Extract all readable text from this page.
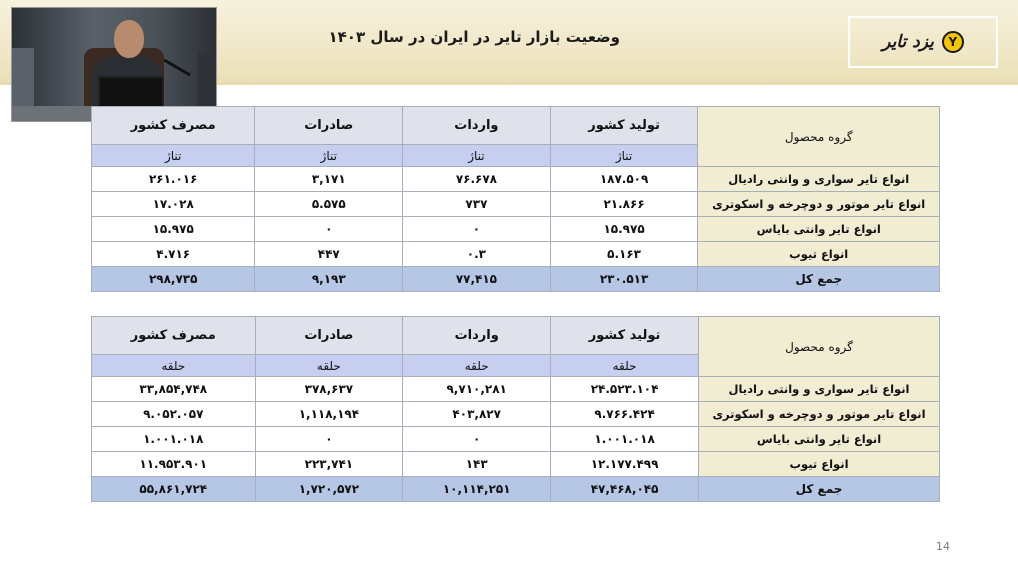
وضعیت بازار تایر در ایران در سال ۱۴۰۳	یزد تایر	Y
گروه محصول	تولید کشور	واردات	صادرات	مصرف کشور
	تناژ	تناژ	تناژ	تناژ
انواع تایر سواری و وانتی رادیال	۱۸۷.۵۰۹	۷۶.۶۷۸	۳,۱۷۱	۲۶۱.۰۱۶
انواع تایر موتور و دوچرخه و اسکوتری	۲۱.۸۶۶	۷۳۷	۵.۵۷۵	۱۷.۰۲۸
انواع تایر وانتی بایاس	۱۵.۹۷۵	۰	۰	۱۵.۹۷۵
انواع تیوب	۵.۱۶۳	۰.۳	۴۴۷	۴.۷۱۶
جمع کل	۲۳۰.۵۱۳	۷۷,۴۱۵	۹,۱۹۳	۲۹۸,۷۳۵
گروه محصول	تولید کشور	واردات	صادرات	مصرف کشور
	حلقه	حلقه	حلقه	حلقه
انواع تایر سواری و وانتی رادیال	۲۴.۵۲۳.۱۰۴	۹,۷۱۰,۲۸۱	۳۷۸,۶۳۷	۳۳,۸۵۴,۷۴۸
انواع تایر موتور و دوچرخه و اسکوتری	۹.۷۶۶.۴۲۴	۴۰۳,۸۲۷	۱,۱۱۸,۱۹۴	۹.۰۵۲.۰۵۷
انواع تایر وانتی بایاس	۱.۰۰۱.۰۱۸	۰	۰	۱.۰۰۱.۰۱۸
انواع تیوب	۱۲.۱۷۷.۴۹۹	۱۴۳	۲۲۳,۷۴۱	۱۱.۹۵۳.۹۰۱
جمع کل	۴۷,۴۶۸,۰۴۵	۱۰,۱۱۴,۲۵۱	۱,۷۲۰,۵۷۲	۵۵,۸۶۱,۷۲۴
14
